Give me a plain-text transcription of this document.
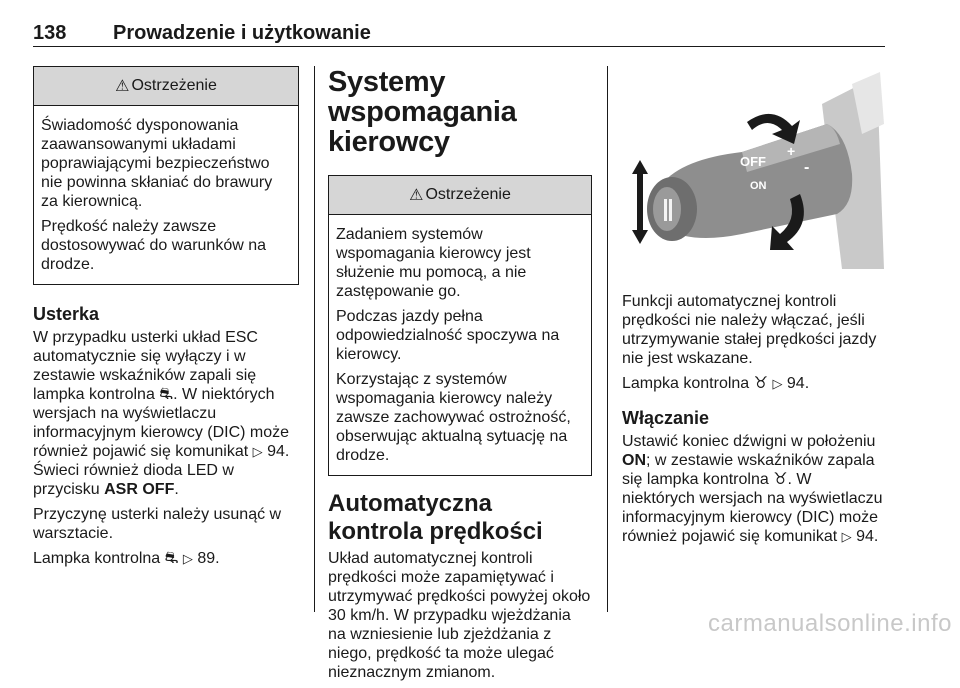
138 Prowadzenie i użytkowanie
⚠ Ostrzeżenie

Świadomość dysponowania zaawansowanymi układami poprawiającymi bezpieczeństwo nie powinna skłaniać do brawury za kierownicą.

Prędkość należy zawsze dostosowywać do warunków na drodze.

Usterka

W przypadku usterki układ ESC automatycznie się wyłączy i w zestawie wskaźników zapali się lampka kontrolna ⛐︎. W niektórych wersjach na wyświetlaczu informacyjnym kierowcy (DIC) może również pojawić się komunikat ▷ 94. Świeci również dioda LED w przycisku ASR OFF.

Przyczynę usterki należy usunąć w warsztacie.

Lampka kontrolna ⛐︎ ▷ 89.

Systemy wspomagania kierowcy
⚠ Ostrzeżenie

Zadaniem systemów wspomagania kierowcy jest służenie mu pomocą, a nie zastępowanie go.

Podczas jazdy pełna odpowiedzialność spoczywa na kierowcy.

Korzystając z systemów wspomagania kierowcy należy zawsze zachowywać ostrożność, obserwując aktualną sytuację na drodze.

Automatyczna kontrola prędkości

Układ automatycznej kontroli prędkości może zapamiętywać i utrzymywać prędkości powyżej około 30 km/h. W przypadku wjeżdżania na wzniesienie lub zjeżdżania z niego, prędkość ta może ulegać nieznacznym zmianom.

OFF
ON
+
-

Funkcji automatycznej kontroli prędkości nie należy włączać, jeśli utrzymywanie stałej prędkości jazdy nie jest wskazane.

Lampka kontrolna ♉︎ ▷ 94.

Włączanie

Ustawić koniec dźwigni w położeniu ON; w zestawie wskaźników zapala się lampka kontrolna ♉︎. W niektórych wersjach na wyświetlaczu informacyjnym kierowcy (DIC) może również pojawić się komunikat ▷ 94.

carmanualsonline.info
